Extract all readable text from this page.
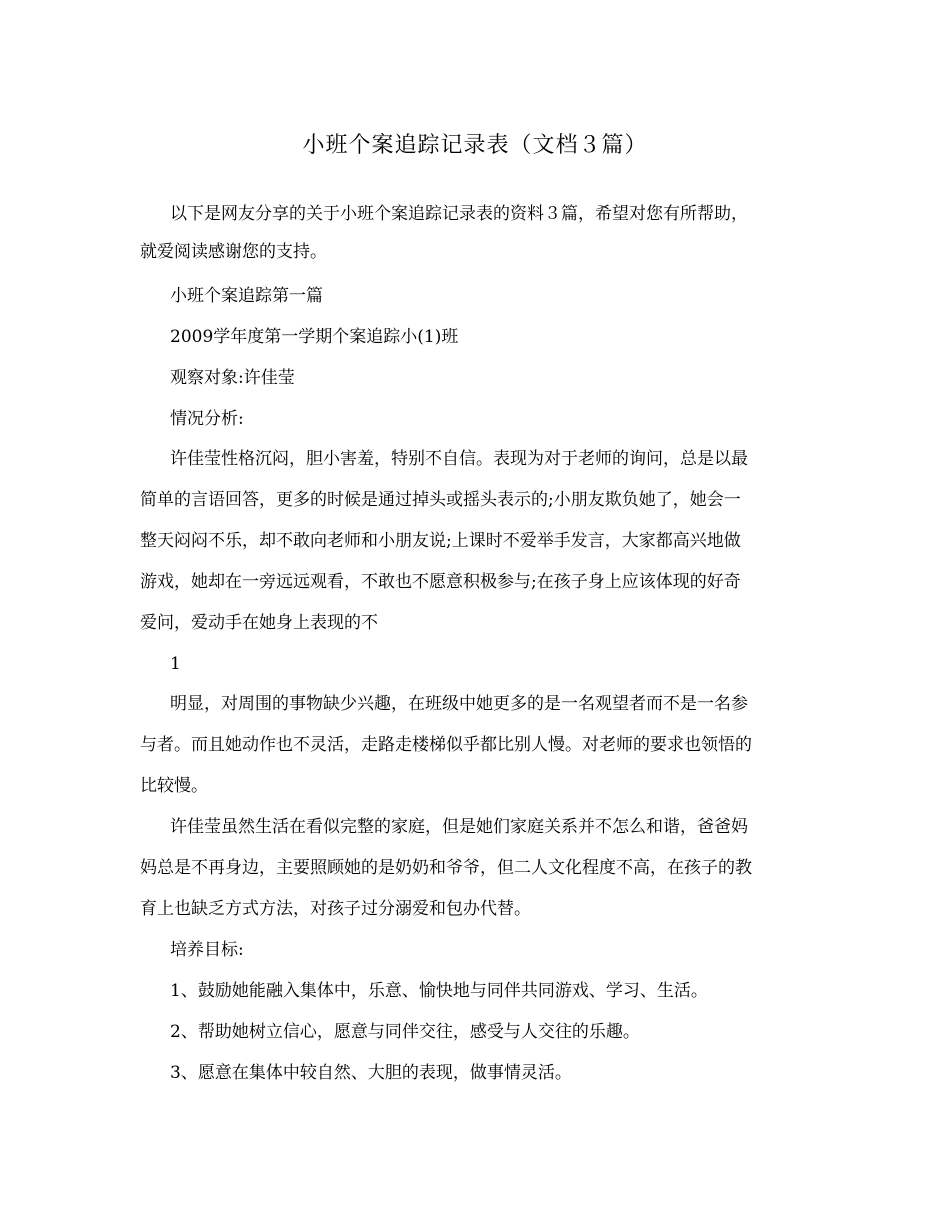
小班个案追踪记录表（文档３篇）
以下是网友分享的关于小班个案追踪记录表的资料３篇，希望对您有所帮助，
就爱阅读感谢您的支持。
小班个案追踪第一篇
2009学年度第一学期个案追踪小(1)班
观察对象:许佳莹
情况分析:
许佳莹性格沉闷，胆小害羞，特别不自信。表现为对于老师的询问，总是以最
简单的言语回答，更多的时候是通过掉头或摇头表示的;小朋友欺负她了，她会一
整天闷闷不乐，却不敢向老师和小朋友说;上课时不爱举手发言，大家都高兴地做
游戏，她却在一旁远远观看，不敢也不愿意积极参与;在孩子身上应该体现的好奇
爱问，爱动手在她身上表现的不
1
明显，对周围的事物缺少兴趣，在班级中她更多的是一名观望者而不是一名参
与者。而且她动作也不灵活，走路走楼梯似乎都比别人慢。对老师的要求也领悟的
比较慢。
许佳莹虽然生活在看似完整的家庭，但是她们家庭关系并不怎么和谐，爸爸妈
妈总是不再身边，主要照顾她的是奶奶和爷爷，但二人文化程度不高，在孩子的教
育上也缺乏方式方法，对孩子过分溺爱和包办代替。
培养目标:
1、鼓励她能融入集体中，乐意、愉快地与同伴共同游戏、学习、生活。
2、帮助她树立信心，愿意与同伴交往，感受与人交往的乐趣。
3、愿意在集体中较自然、大胆的表现，做事情灵活。
